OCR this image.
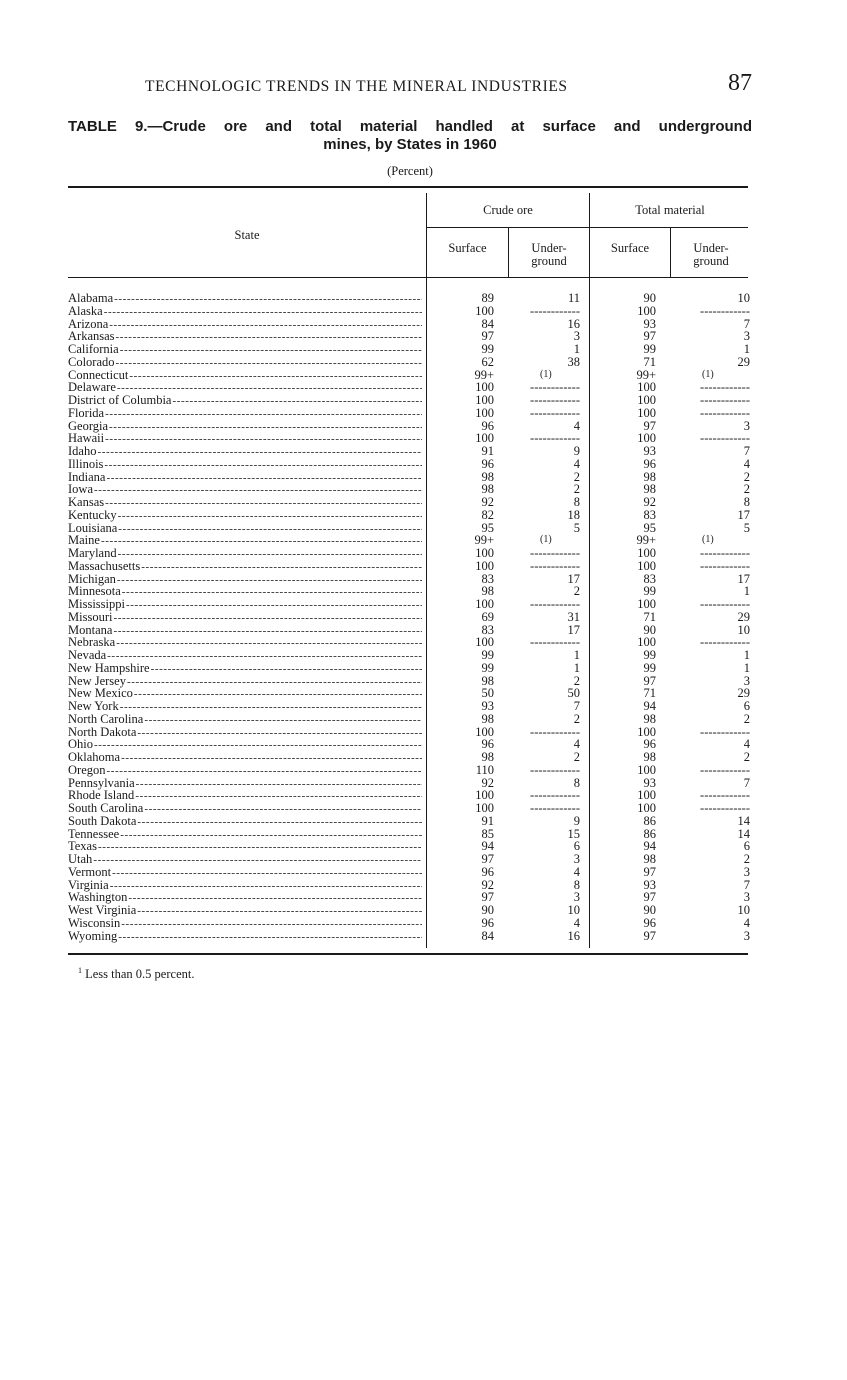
TECHNOLOGIC TRENDS IN THE MINERAL INDUSTRIES	87
TABLE 9.—Crude ore and total material handled at surface and underground
mines, by States in 1960
(Percent)
State
Crude ore	Total material
Surface	Under-
ground
Surface	Under-
ground
Alabama -----	89	11	90	10
Alaska -----	100	------------	100	------------
Arizona -----	84	16	93	7
Arkansas -----	97	3	97	3
California -----	99	1	99	1
Colorado -----	62	38	71	29
Connecticut -----	99+	(1)	99+	(1)
Delaware -----	100	------------	100	------------
District of Columbia -----	100	------------	100	------------
Florida -----	100	------------	100	------------
Georgia -----	96	4	97	3
Hawaii -----	100	------------	100	------------
Idaho -----	91	9	93	7
Illinois -----	96	4	96	4
Indiana -----	98	2	98	2
Iowa -----	98	2	98	2
Kansas -----	92	8	92	8
Kentucky -----	82	18	83	17
Louisiana -----	95	5	95	5
Maine -----	99+	(1)	99+	(1)
Maryland -----	100	------------	100	------------
Massachusetts -----	100	------------	100	------------
Michigan -----	83	17	83	17
Minnesota -----	98	2	99	1
Mississippi -----	100	------------	100	------------
Missouri -----	69	31	71	29
Montana -----	83	17	90	10
Nebraska -----	100	------------	100	------------
Nevada -----	99	1	99	1
New Hampshire -----	99	1	99	1
New Jersey -----	98	2	97	3
New Mexico -----	50	50	71	29
New York -----	93	7	94	6
North Carolina -----	98	2	98	2
North Dakota -----	100	------------	100	------------
Ohio -----	96	4	96	4
Oklahoma -----	98	2	98	2
Oregon -----	110	------------	100	------------
Pennsylvania -----	92	8	93	7
Rhode Island -----	100	------------	100	------------
South Carolina -----	100	------------	100	------------
South Dakota -----	91	9	86	14
Tennessee -----	85	15	86	14
Texas -----	94	6	94	6
Utah -----	97	3	98	2
Vermont -----	96	4	97	3
Virginia -----	92	8	93	7
Washington -----	97	3	97	3
West Virginia -----	90	10	90	10
Wisconsin -----	96	4	96	4
Wyoming -----	84	16	97	3
$^1$ Less than 0.5 percent.
